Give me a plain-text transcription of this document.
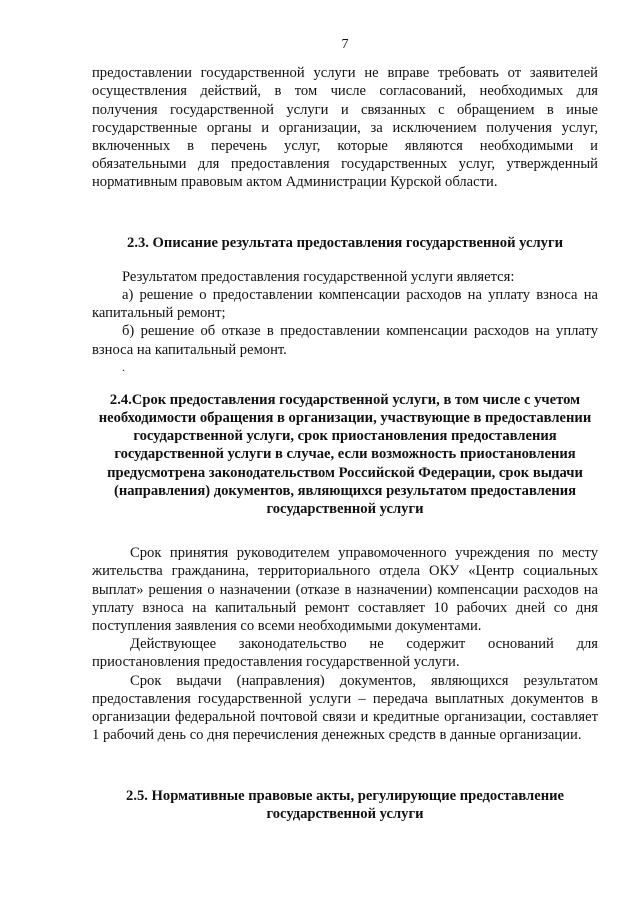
7

предоставлении государственной услуги не вправе требовать от заявителей осуществления действий, в том числе согласований, необходимых для получения государственной услуги и связанных с обращением в иные государственные органы и организации, за исключением получения услуг, включенных в перечень услуг, которые являются необходимыми и обязательными для предоставления государственных услуг, утвержденный нормативным правовым актом Администрации Курской области.

2.3. Описание результата предоставления государственной услуги

Результатом предоставления государственной услуги является:

а) решение о предоставлении компенсации расходов на уплату взноса на капитальный ремонт;

б) решение об отказе в предоставлении компенсации расходов на уплату взноса на капитальный ремонт.

.

2.4.Срок предоставления государственной услуги, в том числе с учетом необходимости обращения в организации, участвующие в предоставлении государственной услуги, срок приостановления предоставления государственной услуги в случае, если возможность приостановления предусмотрена законодательством Российской Федерации, срок выдачи (направления) документов, являющихся результатом предоставления государственной услуги

Срок принятия руководителем управомоченного учреждения по месту жительства гражданина, территориального отдела ОКУ «Центр социальных выплат» решения о назначении (отказе в назначении) компенсации расходов на уплату взноса на капитальный ремонт составляет 10 рабочих дней со дня поступления заявления со всеми необходимыми документами.

Действующее законодательство не содержит оснований для приостановления предоставления государственной услуги.

Срок выдачи (направления) документов, являющихся результатом предоставления государственной услуги – передача выплатных документов в организации федеральной почтовой связи и кредитные организации, составляет 1 рабочий день со дня перечисления денежных средств в данные организации.

2.5. Нормативные правовые акты, регулирующие предоставление государственной услуги
